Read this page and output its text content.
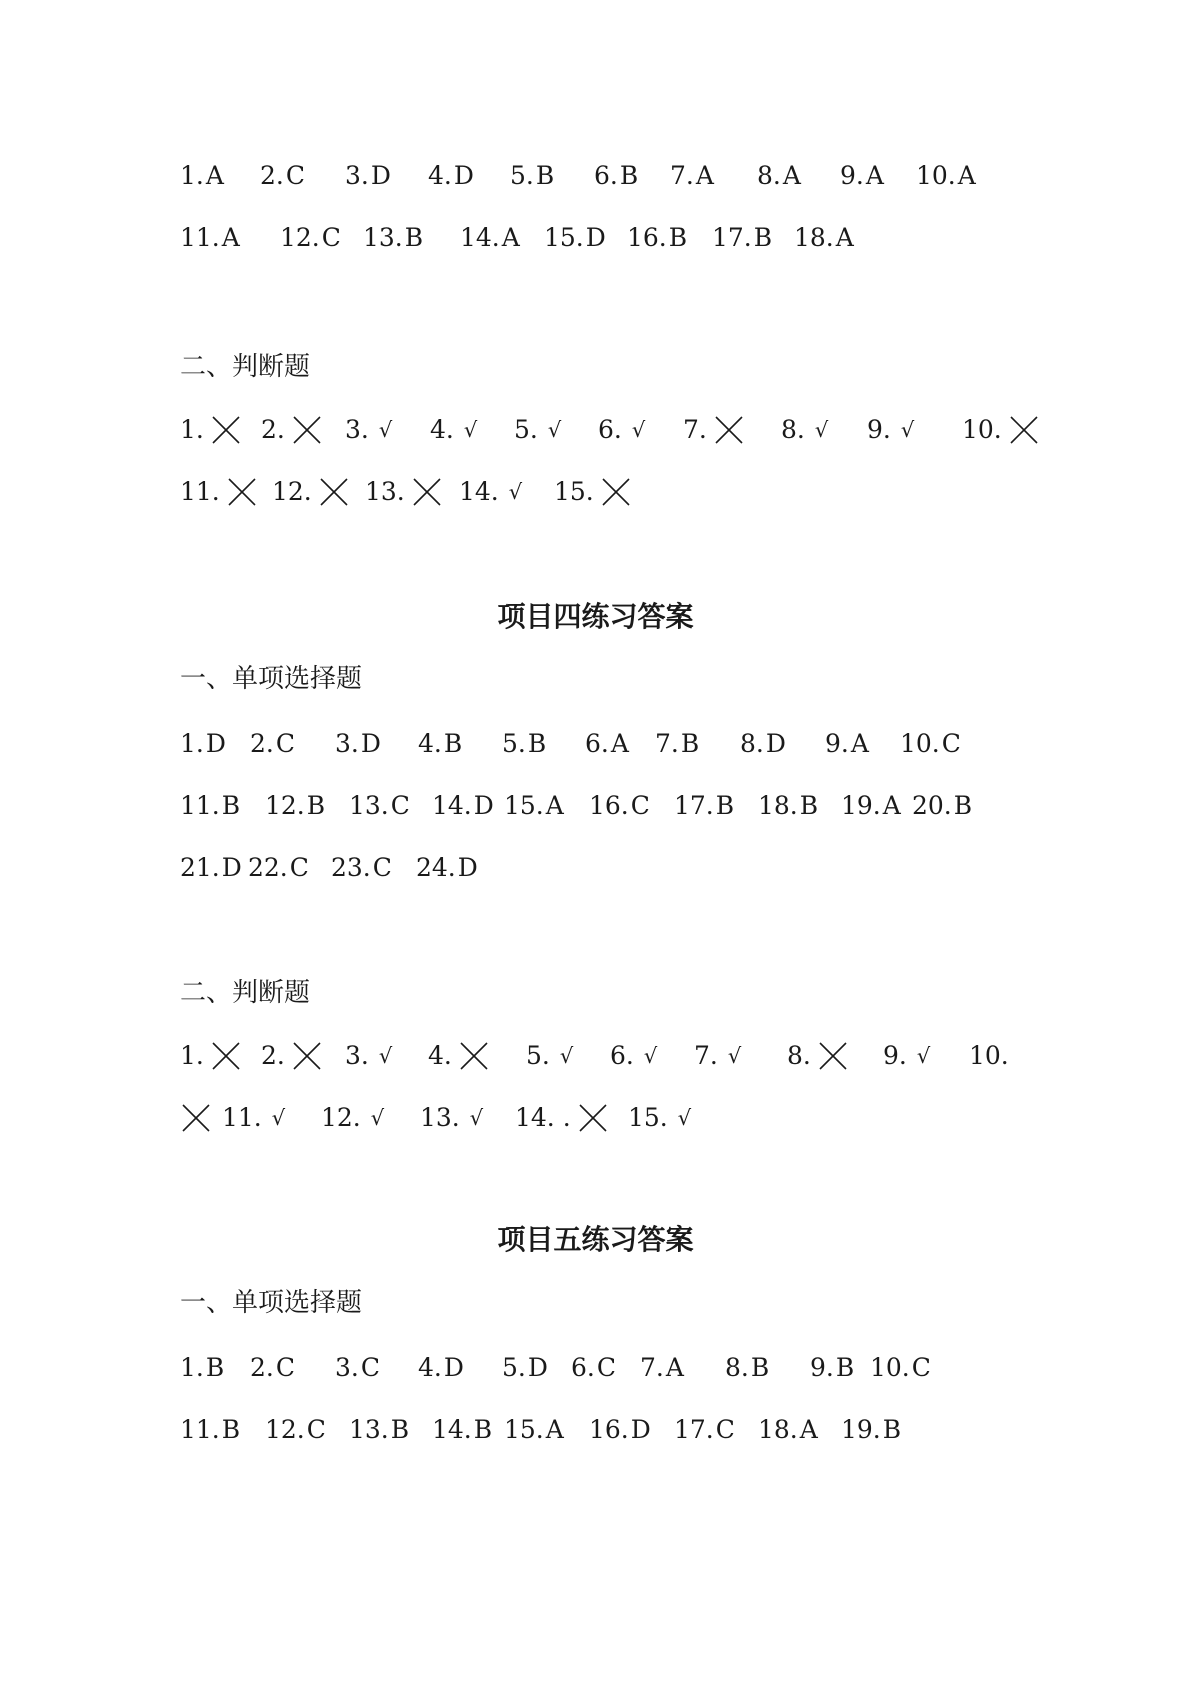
1. A 2. C 3. D 4. D 5. B 6. B 7. A 8. A 9. A 10. A
11. A 12. C 13. B 14. A 15. D 16. B 17. B 18. A
二、判断题
1. 2. 3. √ 4. √ 5. √ 6. √ 7.	8. √ 9. √ 10.
11. 12. 13. 14. √ 15.
项目四练习答案
一、单项选择题
1. D 2. C 3. D 4. B 5. B 6. A 7. B 8. D 9. A 10. C
11. B 12. B 13. C 14. D 15. A 16. C 17. B 18. B 19. A 20. B
21. D 22. C 23. C 24. D
二、判断题
1. 2. 3. √ 4.	5. √ 6. √ 7. √ 8.	9. √ 10.
11. √ 12. √ 13. √ 14. . 15. √
项目五练习答案
一、单项选择题
1. B 2. C 3. C 4. D 5. D 6. C 7. A 8. B 9. B 10. C
11. B 12. C 13. B 14. B 15. A 16. D 17. C 18. A 19. B
